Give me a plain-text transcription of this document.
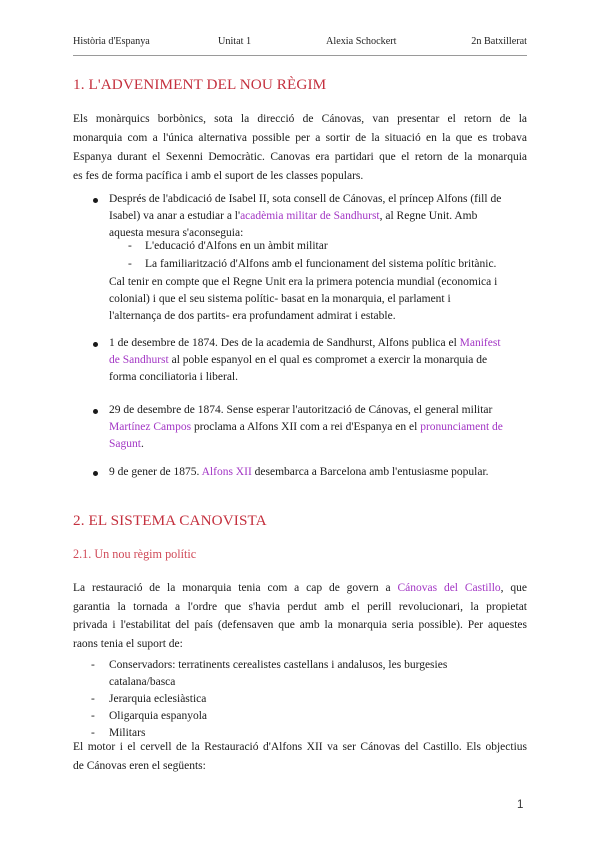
Història d'Espanya	Unitat 1	Alexia Schockert	2n Batxillerat
1. L'ADVENIMENT DEL NOU RÈGIM
Els monàrquics borbònics, sota la direcció de Cánovas, van presentar el retorn de la
monarquia com a l'única alternativa possible per a sortir de la situació en la que es trobava
Espanya durant el Sexenni Democràtic. Canovas era partidari que el retorn de la monarquia
es fes de forma pacífica i amb el suport de les classes populars.
Després de l'abdicació de Isabel II, sota consell de Cánovas, el príncep Alfons (fill de
Isabel) va anar a estudiar a l'acadèmia militar de Sandhurst, al Regne Unit. Amb
aquesta mesura s'aconseguia:
- L'educació d'Alfons en un àmbit militar
- La familiarització d'Alfons amb el funcionament del sistema polític britànic.
Cal tenir en compte que el Regne Unit era la primera potencia mundial (economica i
colonial) i que el seu sistema polític- basat en la monarquia, el parlament i
l'alternança de dos partits- era profundament admirat i estable.
1 de desembre de 1874. Des de la academia de Sandhurst, Alfons publica el Manifest
de Sandhurst al poble espanyol en el qual es compromet a exercir la monarquia de
forma conciliatoria i liberal.
29 de desembre de 1874. Sense esperar l'autorització de Cánovas, el general militar
Martínez Campos proclama a Alfons XII com a rei d'Espanya en el pronunciament de
Sagunt.
9 de gener de 1875. Alfons XII desembarca a Barcelona amb l'entusiasme popular.
2. EL SISTEMA CANOVISTA
2.1. Un nou règim polític
La restauració de la monarquia tenia com a cap de govern a Cánovas del Castillo, que
garantia la tornada a l'ordre que s'havia perdut amb el perill revolucionari, la propietat
privada i l'estabilitat del país (defensaven que amb la monarquia seria possible). Per aquestes
raons tenia el suport de:
- Conservadors: terratinents cerealistes castellans i andalusos, les burgesies
catalana/basca
- Jerarquia eclesiàstica
- Oligarquia espanyola
- Militars
El motor i el cervell de la Restauració d'Alfons XII va ser Cánovas del Castillo. Els objectius
de Cánovas eren el següents:
1
